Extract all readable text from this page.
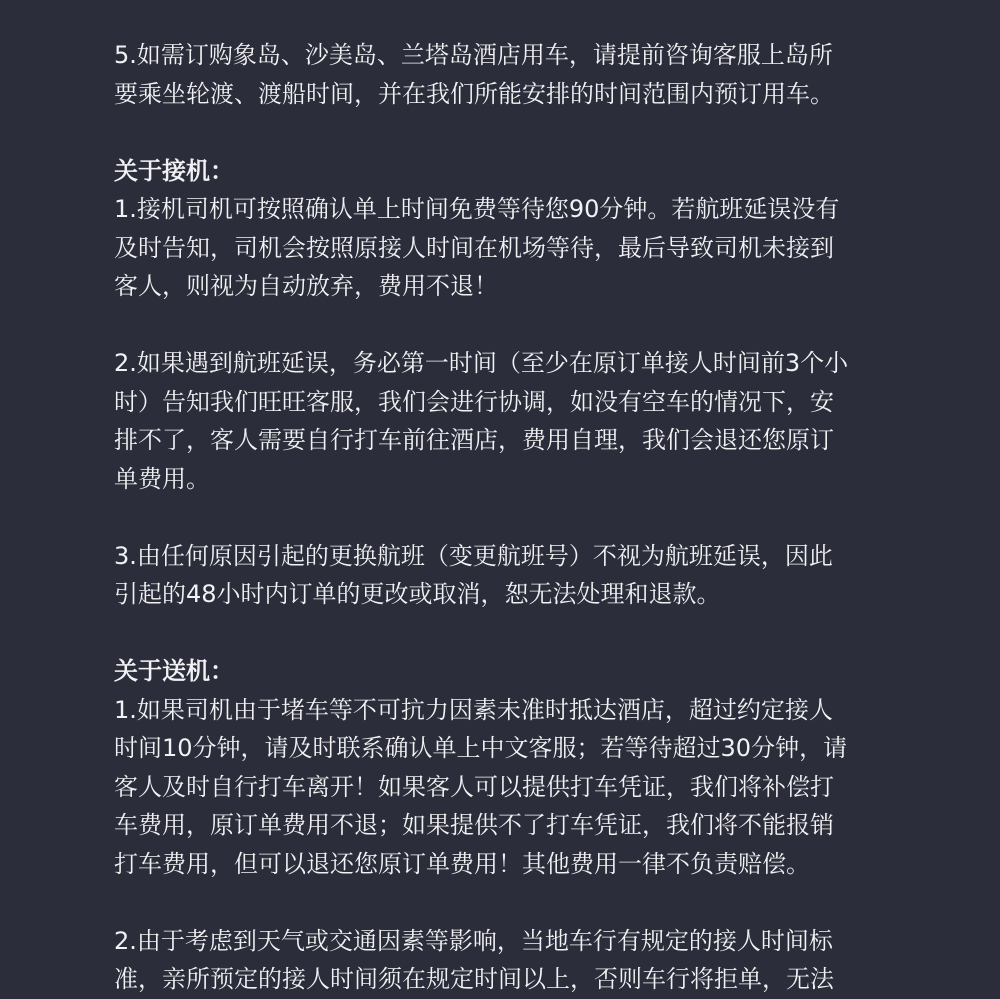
5.如需订购象岛、沙美岛、兰塔岛酒店用车，请提前咨询客服上岛所
要乘坐轮渡、渡船时间，并在我们所能安排的时间范围内预订用车。

关于接机：

1.接机司机可按照确认单上时间免费等待您90分钟。若航班延误没有
及时告知，司机会按照原接人时间在机场等待，最后导致司机未接到
客人，则视为自动放弃，费用不退！

2.如果遇到航班延误，务必第一时间（至少在原订单接人时间前3个小
时）告知我们旺旺客服，我们会进行协调，如没有空车的情况下，安
排不了，客人需要自行打车前往酒店，费用自理，我们会退还您原订
单费用。

3.由任何原因引起的更换航班（变更航班号）不视为航班延误，因此
引起的48小时内订单的更改或取消，恕无法处理和退款。

关于送机：

1.如果司机由于堵车等不可抗力因素未准时抵达酒店，超过约定接人
时间10分钟，请及时联系确认单上中文客服；若等待超过30分钟，请
客人及时自行打车离开！如果客人可以提供打车凭证，我们将补偿打
车费用，原订单费用不退；如果提供不了打车凭证，我们将不能报销
打车费用，但可以退还您原订单费用！其他费用一律不负责赔偿。

2.由于考虑到天气或交通因素等影响，当地车行有规定的接人时间标
准，亲所预定的接人时间须在规定时间以上，否则车行将拒单，无法
